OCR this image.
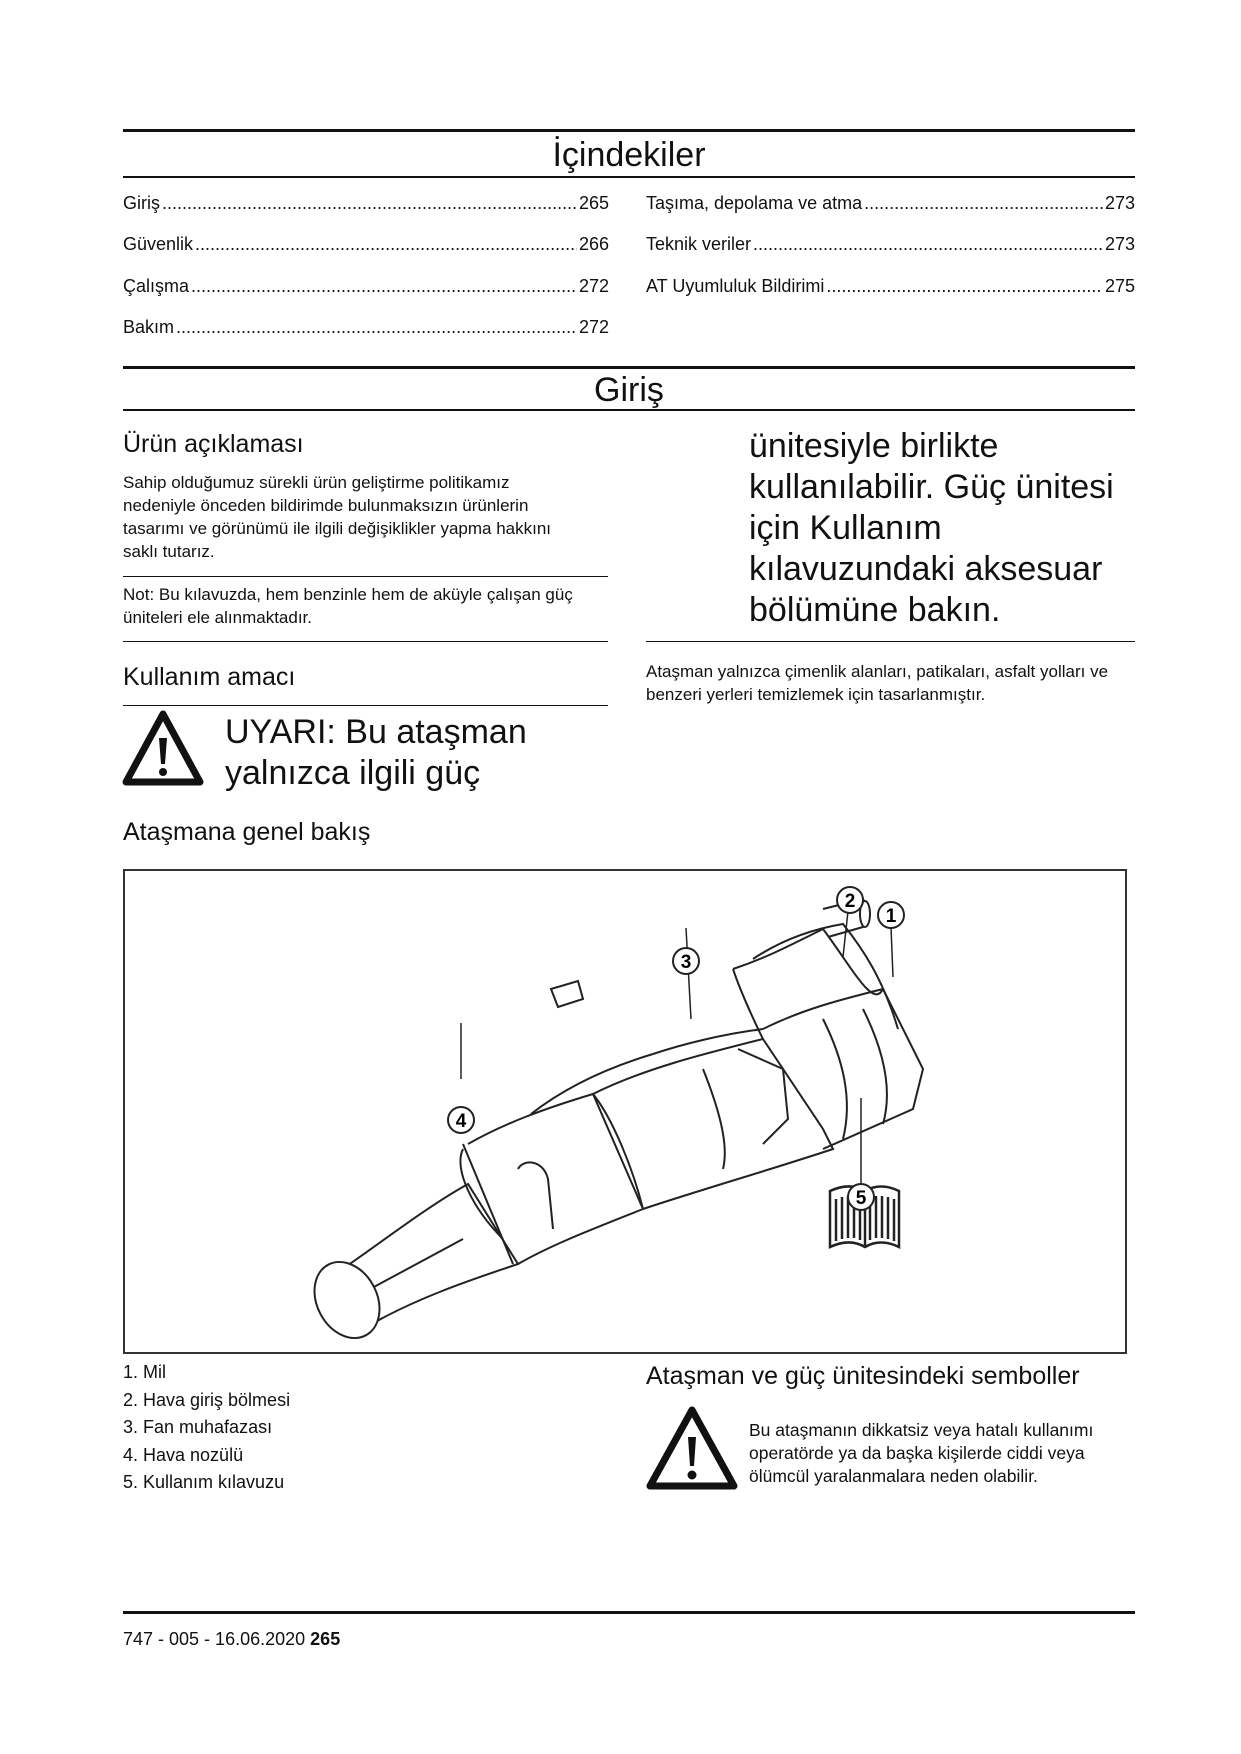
İçindekiler
Giriş .....	265
Güvenlik .....	266
Çalışma .....	272
Bakım .....	272
Taşıma, depolama ve atma .....	273
Teknik veriler .....	273
AT Uyumluluk Bildirimi .....	275
Giriş
Ürün açıklaması
Sahip olduğumuz sürekli ürün geliştirme politikamız nedeniyle önceden bildirimde bulunmaksızın ürünlerin tasarımı ve görünümü ile ilgili değişiklikler yapma hakkını saklı tutarız.
Not: Bu kılavuzda, hem benzinle hem de aküyle çalışan güç üniteleri ele alınmaktadır.
Kullanım amacı
UYARI: Bu ataşman yalnızca ilgili güç
ünitesiyle birlikte kullanılabilir. Güç ünitesi için Kullanım kılavuzundaki aksesuar bölümüne bakın.
Ataşman yalnızca çimenlik alanları, patikaları, asfalt yolları ve benzeri yerleri temizlemek için tasarlanmıştır.
Ataşmana genel bakış
1
2
3
4
5
1. Mil
2. Hava giriş bölmesi
3. Fan muhafazası
4. Hava nozülü
5. Kullanım kılavuzu
Ataşman ve güç ünitesindeki semboller
Bu ataşmanın dikkatsiz veya hatalı kullanımı operatörde ya da başka kişilerde ciddi veya ölümcül yaralanmalara neden olabilir.
747 - 005 - 16.06.2020 265
